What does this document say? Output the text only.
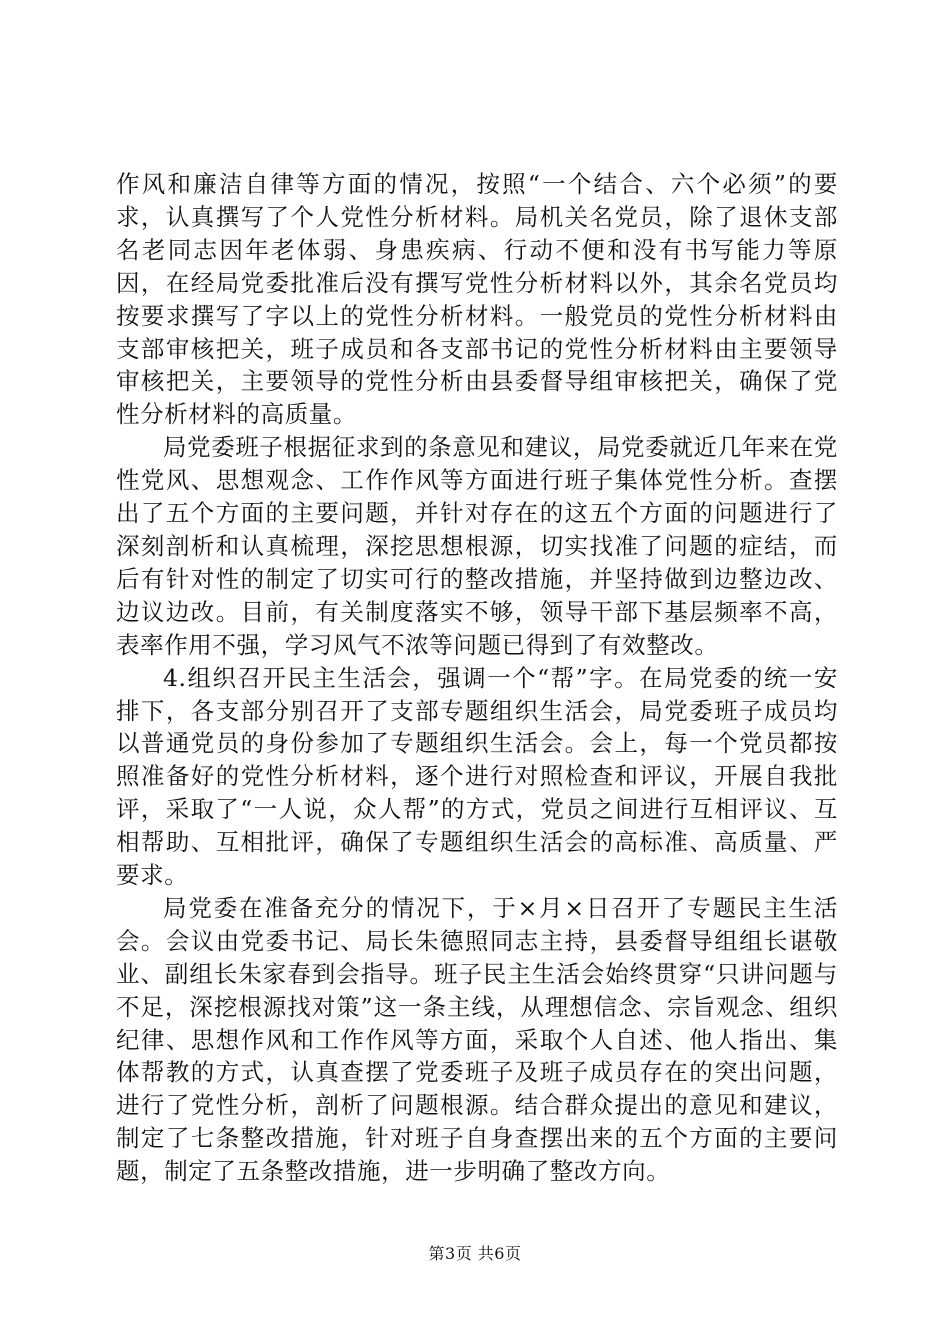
作风和廉洁自律等方面的情况，按照“一个结合、六个必须”的要求，认真撰写了个人党性分析材料。局机关名党员，除了退休支部名老同志因年老体弱、身患疾病、行动不便和没有书写能力等原因，在经局党委批准后没有撰写党性分析材料以外，其余名党员均按要求撰写了字以上的党性分析材料。一般党员的党性分析材料由支部审核把关，班子成员和各支部书记的党性分析材料由主要领导审核把关，主要领导的党性分析由县委督导组审核把关，确保了党性分析材料的高质量。

局党委班子根据征求到的条意见和建议，局党委就近几年来在党性党风、思想观念、工作作风等方面进行班子集体党性分析。查摆出了五个方面的主要问题，并针对存在的这五个方面的问题进行了深刻剖析和认真梳理，深挖思想根源，切实找准了问题的症结，而后有针对性的制定了切实可行的整改措施，并坚持做到边整边改、边议边改。目前，有关制度落实不够，领导干部下基层频率不高，表率作用不强，学习风气不浓等问题已得到了有效整改。

4.组织召开民主生活会，强调一个“帮”字。在局党委的统一安排下，各支部分别召开了支部专题组织生活会，局党委班子成员均以普通党员的身份参加了专题组织生活会。会上，每一个党员都按照准备好的党性分析材料，逐个进行对照检查和评议，开展自我批评，采取了“一人说，众人帮”的方式，党员之间进行互相评议、互相帮助、互相批评，确保了专题组织生活会的高标准、高质量、严要求。

局党委在准备充分的情况下，于×月×日召开了专题民主生活会。会议由党委书记、局长朱德照同志主持，县委督导组组长谌敬业、副组长朱家春到会指导。班子民主生活会始终贯穿“只讲问题与不足，深挖根源找对策”这一条主线，从理想信念、宗旨观念、组织纪律、思想作风和工作作风等方面，采取个人自述、他人指出、集体帮教的方式，认真查摆了党委班子及班子成员存在的突出问题，进行了党性分析，剖析了问题根源。结合群众提出的意见和建议，制定了七条整改措施，针对班子自身查摆出来的五个方面的主要问题，制定了五条整改措施，进一步明确了整改方向。

第3页 共6页
